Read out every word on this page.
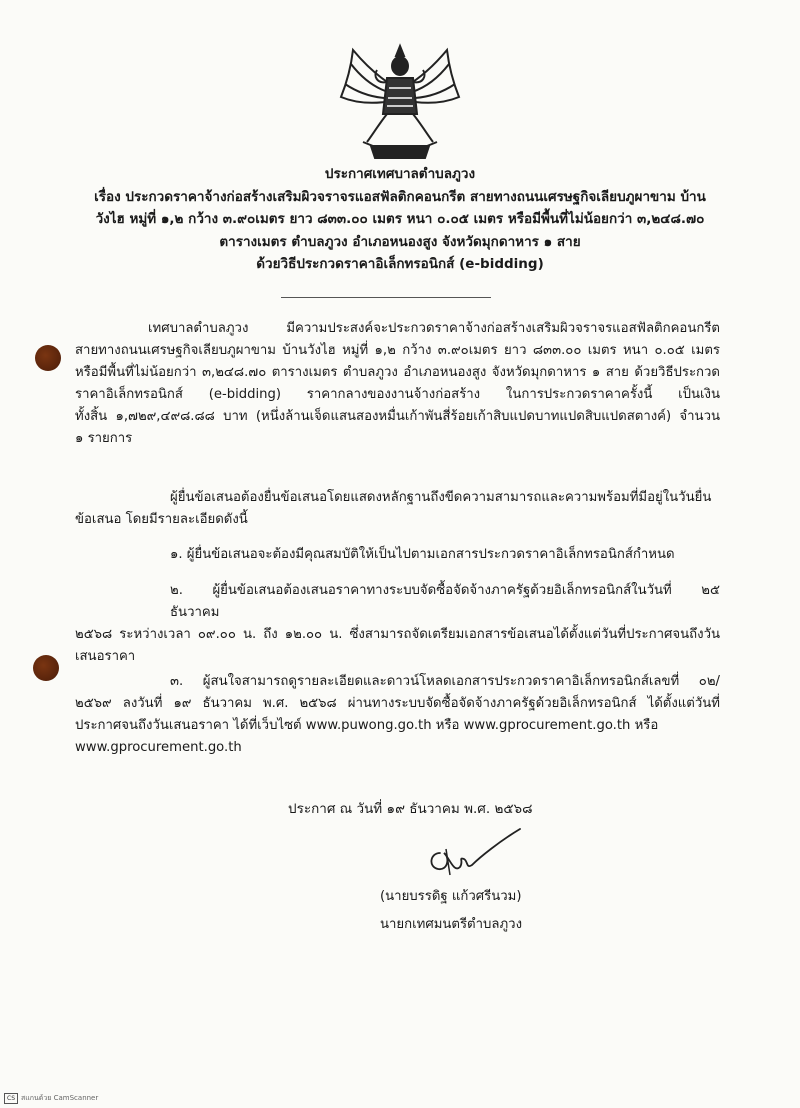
ประกาศเทศบาลตำบลภูวง
เรื่อง ประกวดราคาจ้างก่อสร้างเสริมผิวจราจรแอสฟัลติกคอนกรีต สายทางถนนเศรษฐกิจเลียบภูผาขาม บ้าน
วังไฮ หมู่ที่ ๑,๒ กว้าง ๓.๙๐เมตร ยาว ๘๓๓.๐๐ เมตร หนา ๐.๐๕ เมตร หรือมีพื้นที่ไม่น้อยกว่า ๓,๒๔๘.๗๐
ตารางเมตร ตำบลภูวง อำเภอหนองสูง จังหวัดมุกดาหาร ๑ สาย
ด้วยวิธีประกวดราคาอิเล็กทรอนิกส์ (e-bidding)
เทศบาลตำบลภูวง มีความประสงค์จะประกวดราคาจ้างก่อสร้างเสริมผิวจราจรแอสฟัลติกคอนกรีต
สายทางถนนเศรษฐกิจเลียบภูผาขาม บ้านวังไฮ หมู่ที่ ๑,๒ กว้าง ๓.๙๐เมตร ยาว ๘๓๓.๐๐ เมตร หนา ๐.๐๕ เมตร
หรือมีพื้นที่ไม่น้อยกว่า ๓,๒๔๘.๗๐ ตารางเมตร ตำบลภูวง อำเภอหนองสูง จังหวัดมุกดาหาร ๑ สาย ด้วยวิธีประกวด
ราคาอิเล็กทรอนิกส์ (e-bidding) ราคากลางของงานจ้างก่อสร้าง ในการประกวดราคาครั้งนี้ เป็นเงิน
ทั้งสิ้น ๑,๗๒๙,๔๙๘.๘๘ บาท (หนึ่งล้านเจ็ดแสนสองหมื่นเก้าพันสี่ร้อยเก้าสิบแปดบาทแปดสิบแปดสตางค์) จำนวน
๑ รายการ
ผู้ยื่นข้อเสนอต้องยื่นข้อเสนอโดยแสดงหลักฐานถึงขีดความสามารถและความพร้อมที่มีอยู่ในวันยื่น
ข้อเสนอ โดยมีรายละเอียดดังนี้
๑. ผู้ยื่นข้อเสนอจะต้องมีคุณสมบัติให้เป็นไปตามเอกสารประกวดราคาอิเล็กทรอนิกส์กำหนด
๒. ผู้ยื่นข้อเสนอต้องเสนอราคาทางระบบจัดซื้อจัดจ้างภาครัฐด้วยอิเล็กทรอนิกส์ในวันที่ ๒๕ ธันวาคม
๒๕๖๘ ระหว่างเวลา ๐๙.๐๐ น. ถึง ๑๒.๐๐ น. ซึ่งสามารถจัดเตรียมเอกสารข้อเสนอได้ตั้งแต่วันที่ประกาศจนถึงวัน
เสนอราคา
๓. ผู้สนใจสามารถดูรายละเอียดและดาวน์โหลดเอกสารประกวดราคาอิเล็กทรอนิกส์เลขที่ ๐๒/
๒๕๖๙ ลงวันที่ ๑๙ ธันวาคม พ.ศ. ๒๕๖๘ ผ่านทางระบบจัดซื้อจัดจ้างภาครัฐด้วยอิเล็กทรอนิกส์ ได้ตั้งแต่วันที่
ประกาศจนถึงวันเสนอราคา ได้ที่เว็บไซต์ www.puwong.go.th หรือ www.gprocurement.go.th หรือ
www.gprocurement.go.th
ประกาศ ณ วันที่ ๑๙ ธันวาคม พ.ศ. ๒๕๖๘
(นายบรรดิฐ แก้วศรีนวม)
นายกเทศมนตรีตำบลภูวง
CS สแกนด้วย CamScanner
